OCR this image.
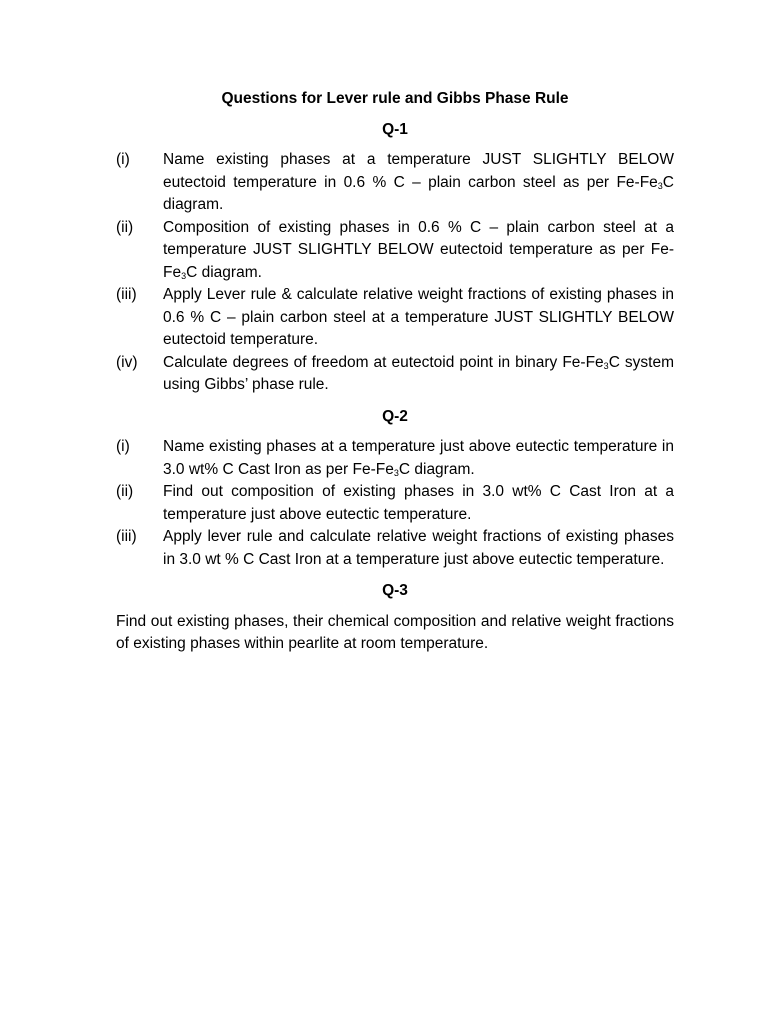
Questions for Lever rule and Gibbs Phase Rule
Q-1
(i)	Name existing phases at a temperature JUST SLIGHTLY BELOW eutectoid temperature in 0.6 % C – plain carbon steel as per $Fe-Fe_3C$ diagram.
(ii)	Composition of existing phases in 0.6 % C – plain carbon steel at a temperature JUST SLIGHTLY BELOW eutectoid temperature as per $Fe-Fe_3C$ diagram.
(iii)	Apply Lever rule & calculate relative weight fractions of existing phases in 0.6 % C – plain carbon steel at a temperature JUST SLIGHTLY BELOW eutectoid temperature.
(iv)	Calculate degrees of freedom at eutectoid point in binary $Fe-Fe_3C$ system using Gibbs’ phase rule.
Q-2
(i)	Name existing phases at a temperature just above eutectic temperature in 3.0 wt% C Cast Iron as per $Fe-Fe_3C$ diagram.
(ii)	Find out composition of existing phases in 3.0 wt% C Cast Iron at a temperature just above eutectic temperature.
(iii)	Apply lever rule and calculate relative weight fractions of existing phases in 3.0 wt % C Cast Iron at a temperature just above eutectic temperature.
Q-3

Find out existing phases, their chemical composition and relative weight fractions of existing phases within pearlite at room temperature.
